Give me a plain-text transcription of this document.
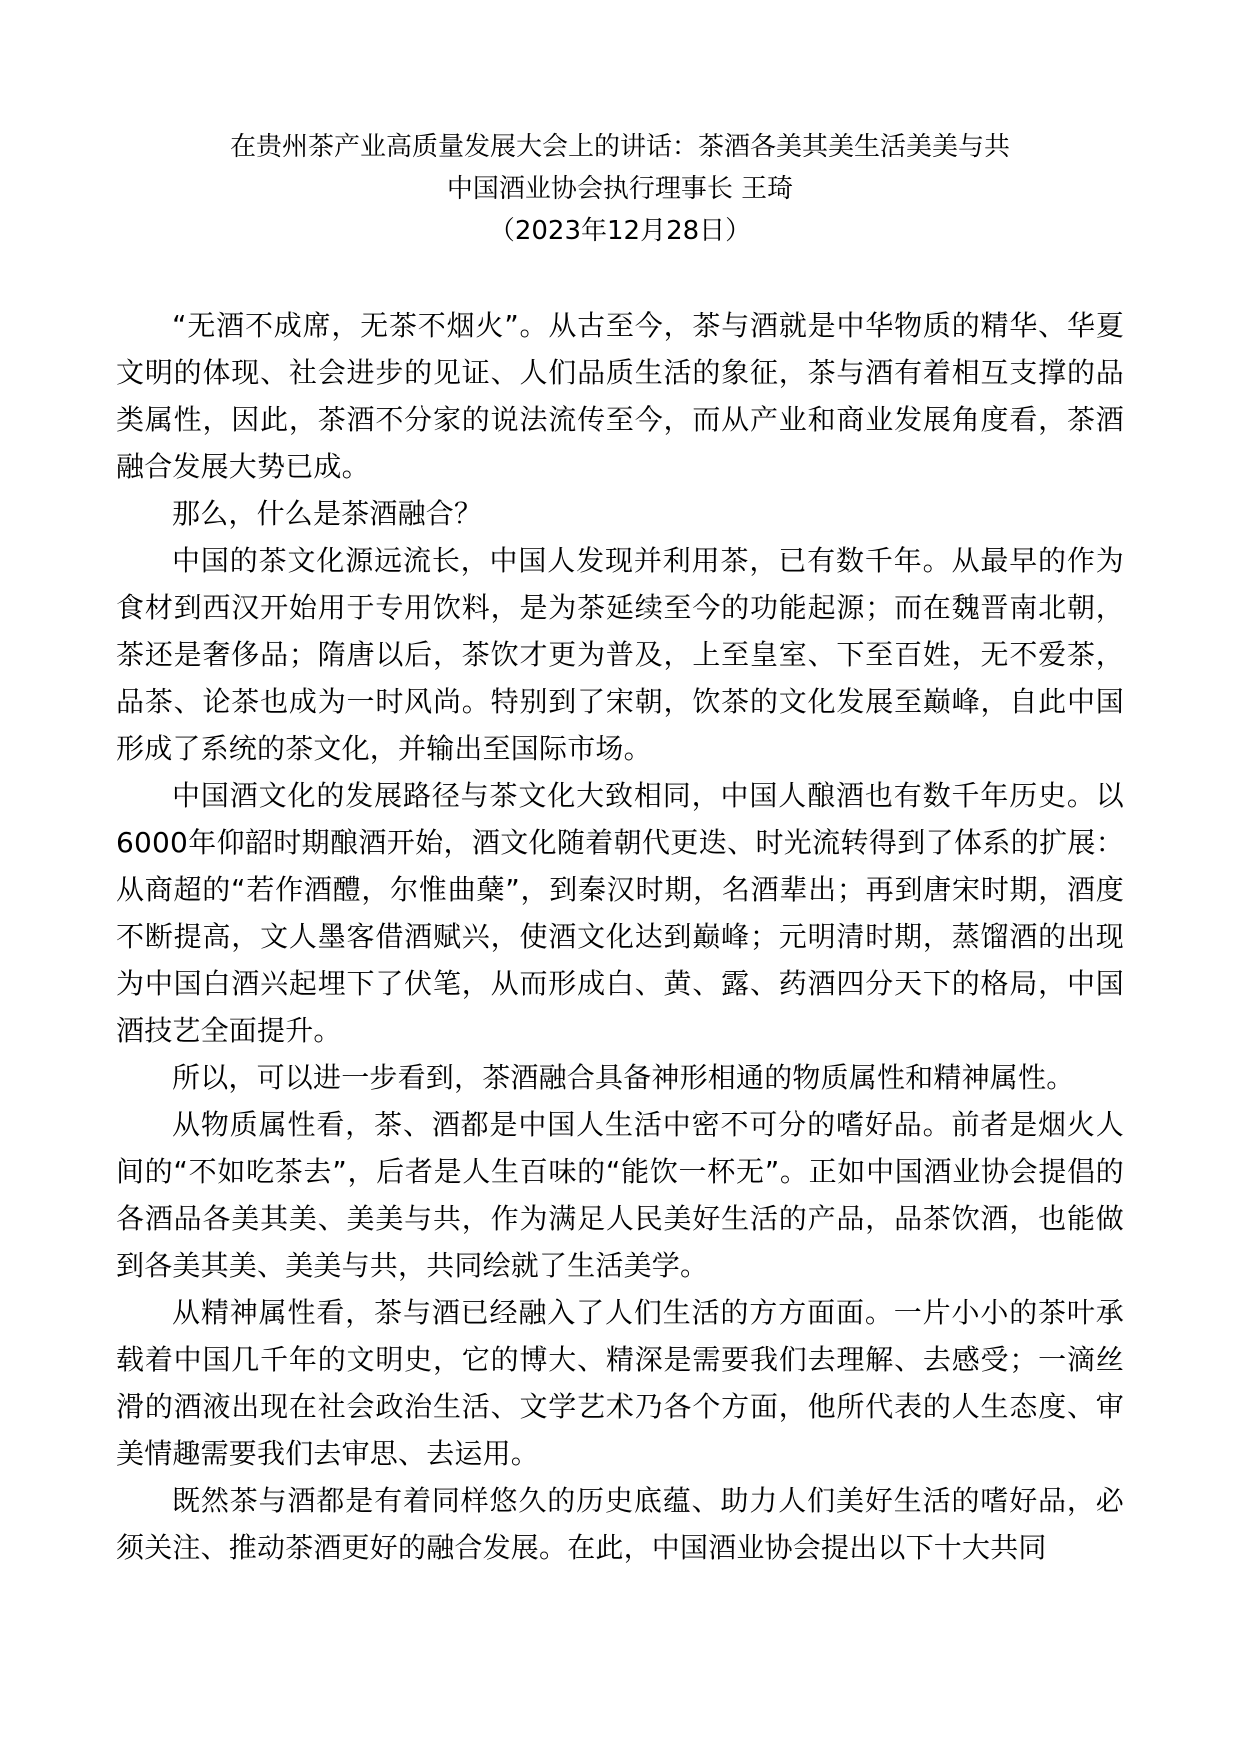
在贵州茶产业高质量发展大会上的讲话：茶酒各美其美生活美美与共
中国酒业协会执行理事长 王琦
（2023年12月28日）

“无酒不成席，无茶不烟火”。从古至今，茶与酒就是中华物质的精华、华夏文明的体现、社会进步的见证、人们品质生活的象征，茶与酒有着相互支撑的品类属性，因此，茶酒不分家的说法流传至今，而从产业和商业发展角度看，茶酒融合发展大势已成。

那么，什么是茶酒融合？

中国的茶文化源远流长，中国人发现并利用茶，已有数千年。从最早的作为食材到西汉开始用于专用饮料，是为茶延续至今的功能起源；而在魏晋南北朝，茶还是奢侈品；隋唐以后，茶饮才更为普及，上至皇室、下至百姓，无不爱茶，品茶、论茶也成为一时风尚。特别到了宋朝，饮茶的文化发展至巅峰，自此中国形成了系统的茶文化，并输出至国际市场。

中国酒文化的发展路径与茶文化大致相同，中国人酿酒也有数千年历史。以6000年仰韶时期酿酒开始，酒文化随着朝代更迭、时光流转得到了体系的扩展：从商超的“若作酒醴，尔惟曲蘖”，到秦汉时期，名酒辈出；再到唐宋时期，酒度不断提高，文人墨客借酒赋兴，使酒文化达到巅峰；元明清时期，蒸馏酒的出现为中国白酒兴起埋下了伏笔，从而形成白、黄、露、药酒四分天下的格局，中国酒技艺全面提升。

所以，可以进一步看到，茶酒融合具备神形相通的物质属性和精神属性。

从物质属性看，茶、酒都是中国人生活中密不可分的嗜好品。前者是烟火人间的“不如吃茶去”，后者是人生百味的“能饮一杯无”。正如中国酒业协会提倡的各酒品各美其美、美美与共，作为满足人民美好生活的产品，品茶饮酒，也能做到各美其美、美美与共，共同绘就了生活美学。

从精神属性看，茶与酒已经融入了人们生活的方方面面。一片小小的茶叶承载着中国几千年的文明史，它的博大、精深是需要我们去理解、去感受；一滴丝滑的酒液出现在社会政治生活、文学艺术乃各个方面，他所代表的人生态度、审美情趣需要我们去审思、去运用。

既然茶与酒都是有着同样悠久的历史底蕴、助力人们美好生活的嗜好品，必须关注、推动茶酒更好的融合发展。在此，中国酒业协会提出以下十大共同
